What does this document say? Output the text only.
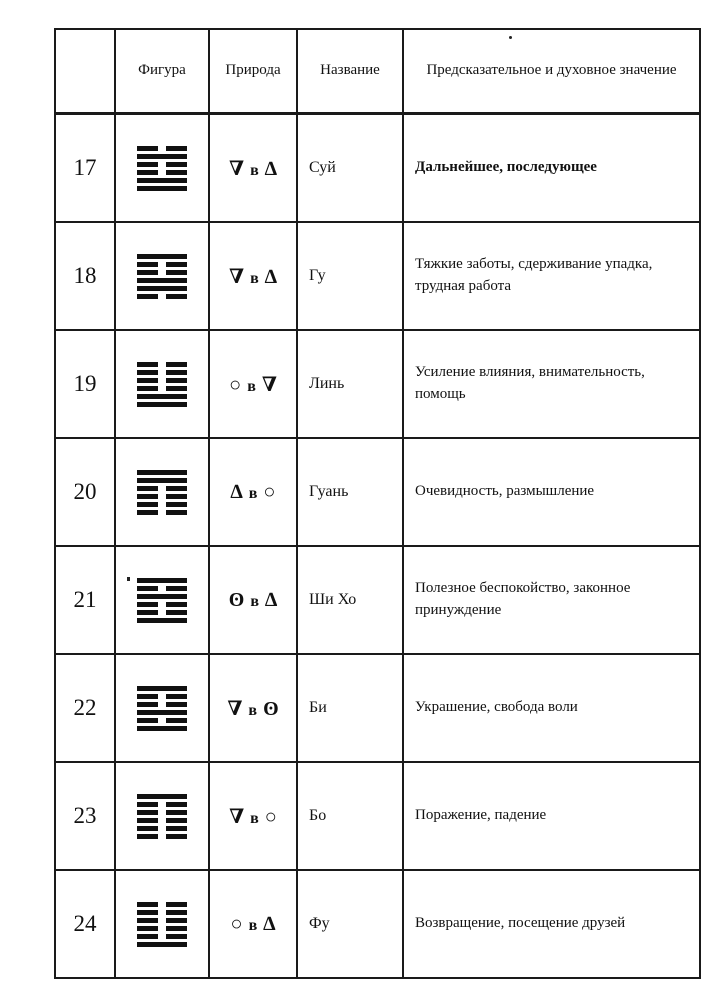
	Фигура	Природа	Название	Предсказательное и духовное значение
17		∇ в ∆	Суй	Дальнейшее, последующее
18		∇ в ∆	Гу	Тяжкие заботы, сдерживание упадка, трудная работа
19		○ в ∇	Линь	Усиление влияния, внимательность, помощь
20		∆ в ○	Гуань	Очевидность, размышление
21		ʘ в ∆	Ши Хо	Полезное беспокойство, законное принуждение
22		∇ в ʘ	Би	Украшение, свобода воли
23		∇ в ○	Бо	Поражение, падение
24		○ в ∆	Фу	Возвращение, посещение друзей
